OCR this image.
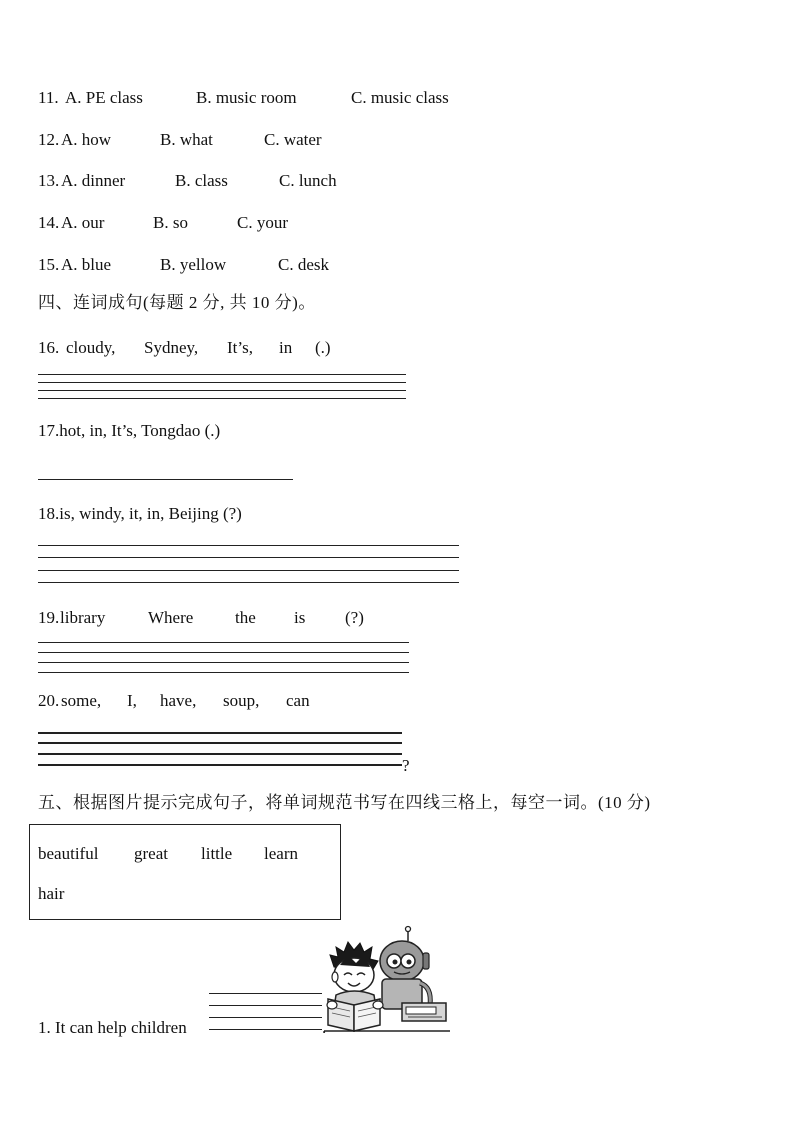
11. A. PE class	B. music room	C. music class
12. A. how	B. what	C. water
13. A. dinner	B. class	C. lunch
14. A. our	B. so	C. your
15. A. blue	B. yellow	C. desk
四、连词成句(每题 2 分, 共 10 分)。
16. cloudy, Sydney, It’s, in (.)
17.hot, in, It’s, Tongdao (.)
18.is, windy, it, in, Beijing (?)
19. library	Where the is (?)
20. some, I, have, soup, can
?
五、根据图片提示完成句子，将单词规范书写在四线三格上，每空一词。(10 分)
beautiful great little learn
hair
1. It can help children	.
